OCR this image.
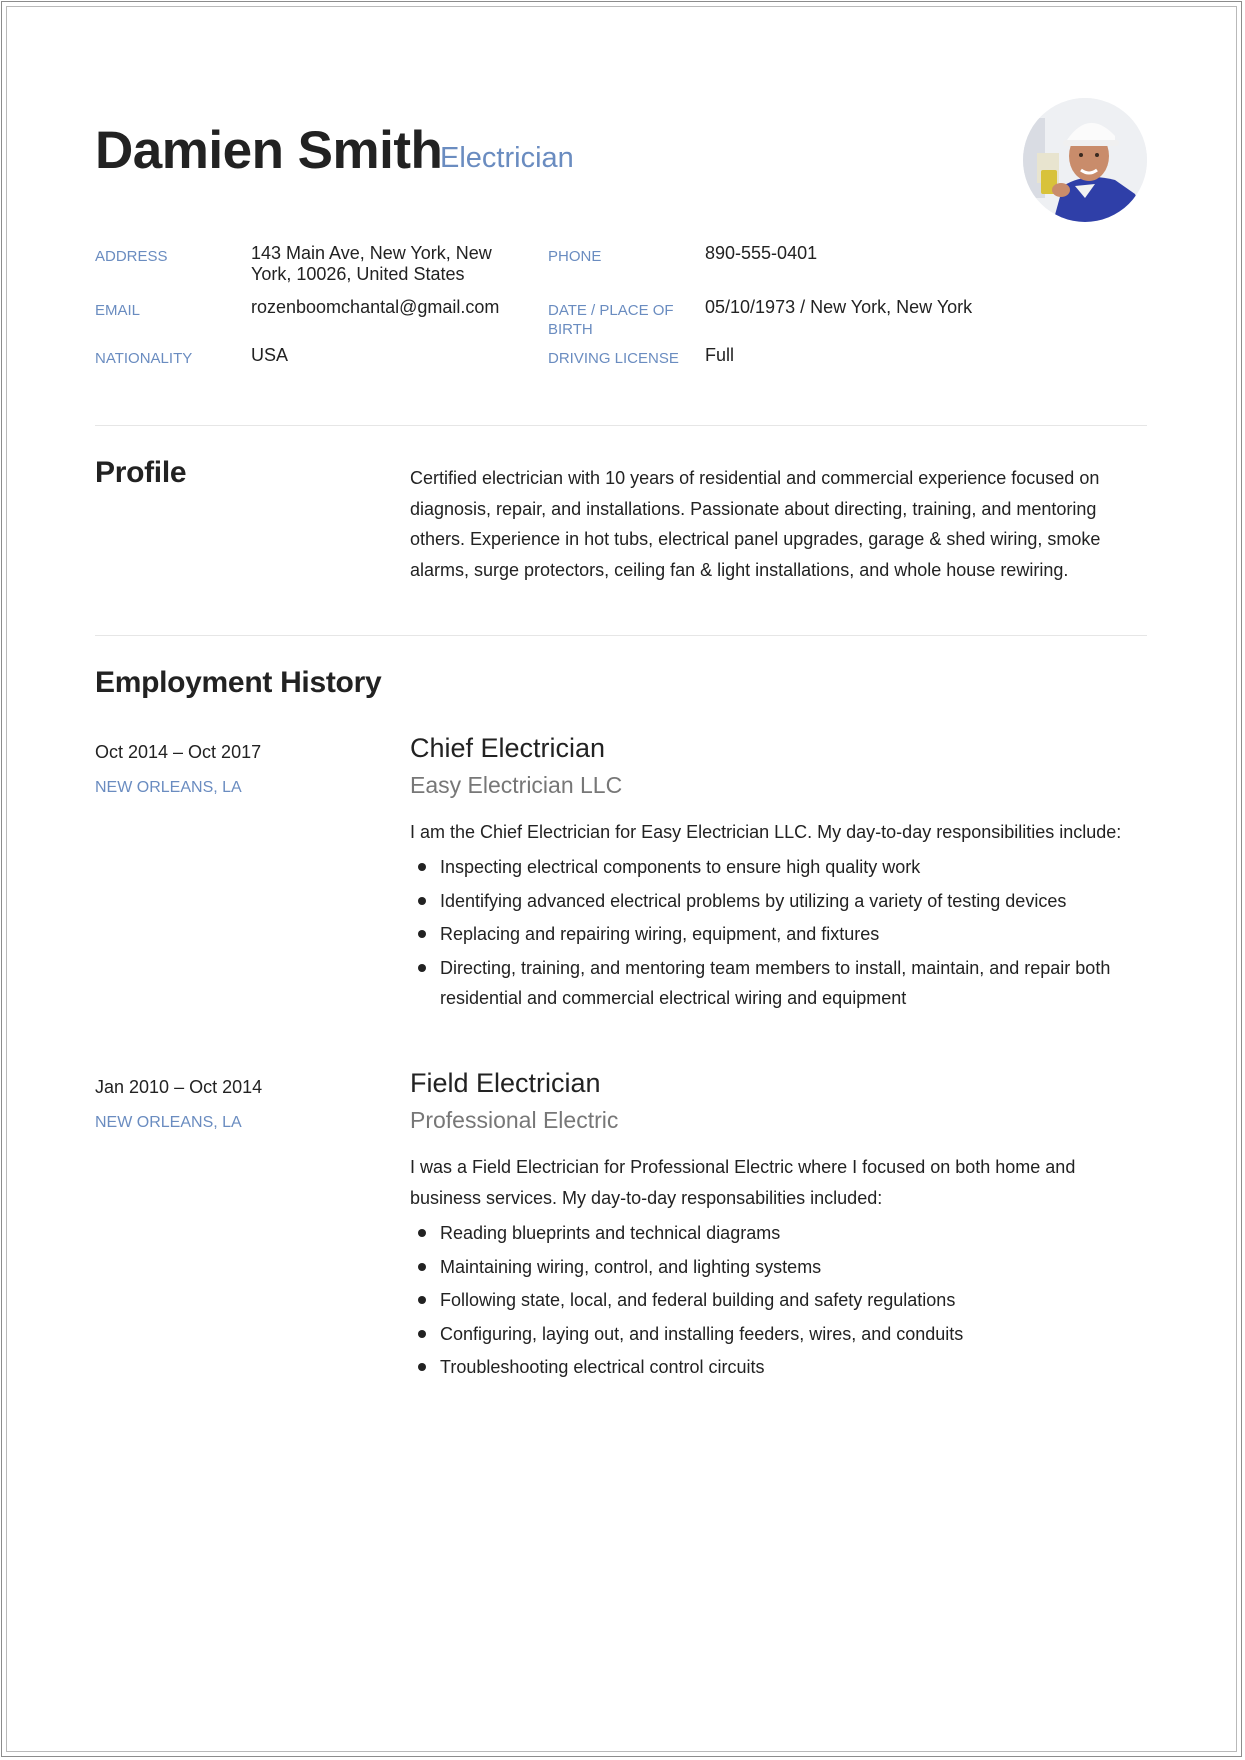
Damien Smith
Electrician
ADDRESS	143 Main Ave, New York, New York, 10026, United States
EMAIL	rozenboomchantal@gmail.com
NATIONALITY	USA
PHONE	890-555-0401
DATE / PLACE OF BIRTH
05/10/1973 / New York, New York
DRIVING LICENSE Full
Profile	Certified electrician with 10 years of residential and commercial experience focused on diagnosis, repair, and installations. Passionate about directing, training, and mentoring others. Experience in hot tubs, electrical panel upgrades, garage & shed wiring, smoke alarms, surge protectors, ceiling fan & light installations, and whole house rewiring.

Employment History
Oct 2014 – Oct 2017
NEW ORLEANS, LA
Chief Electrician
Easy Electrician LLC

I am the Chief Electrician for Easy Electrician LLC. My day-to-day responsibilities include:

Inspecting electrical components to ensure high quality work
Identifying advanced electrical problems by utilizing a variety of testing devices
Replacing and repairing wiring, equipment, and fixtures
Directing, training, and mentoring team members to install, maintain, and repair both residential and commercial electrical wiring and equipment
Jan 2010 – Oct 2014
NEW ORLEANS, LA
Field Electrician
Professional Electric

I was a Field Electrician for Professional Electric where I focused on both home and business services. My day-to-day responsabilities included:

Reading blueprints and technical diagrams
Maintaining wiring, control, and lighting systems
Following state, local, and federal building and safety regulations
Configuring, laying out, and installing feeders, wires, and conduits
Troubleshooting electrical control circuits
